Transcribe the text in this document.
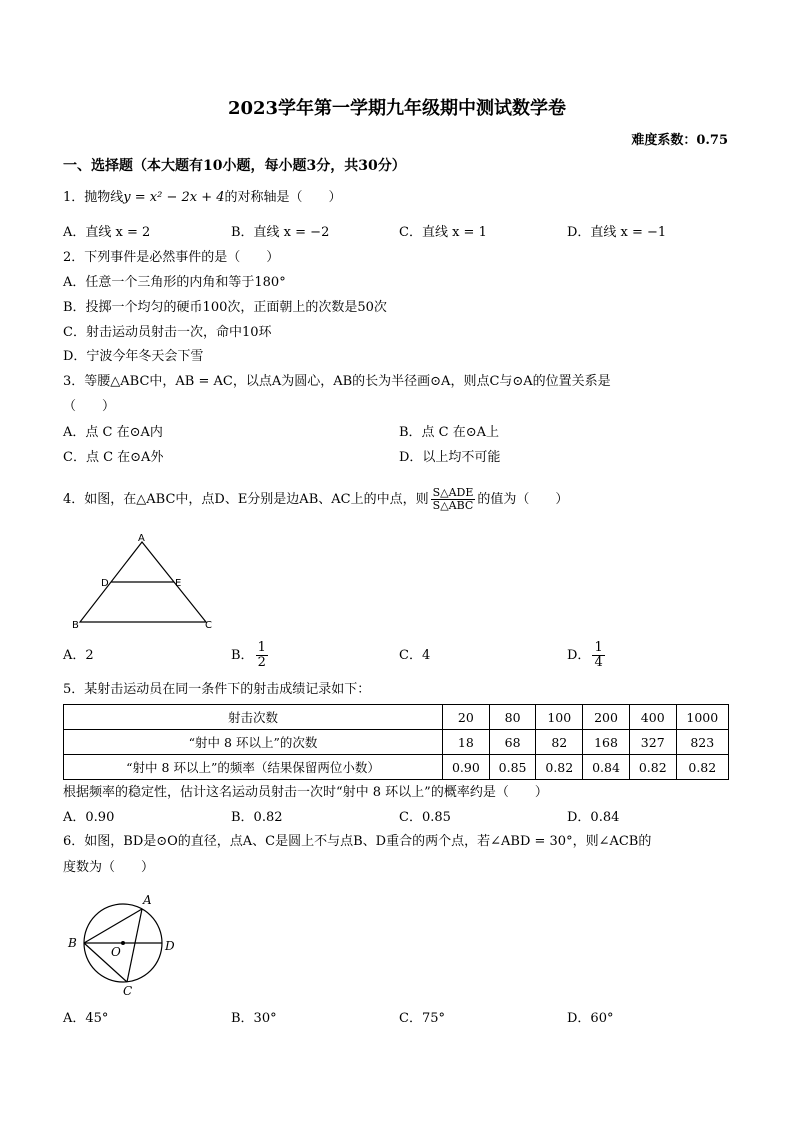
2023学年第一学期九年级期中测试数学卷
难度系数：0.75
一、选择题（本大题有10小题，每小题3分，共30分）
1．抛物线y = x² − 2x + 4的对称轴是（　　）
A．直线 x = 2	B．直线 x = −2	C．直线 x = 1	D．直线 x = −1
2．下列事件是必然事件的是（　　）
A．任意一个三角形的内角和等于180°
B．投掷一个均匀的硬币100次，正面朝上的次数是50次
C．射击运动员射击一次，命中10环
D．宁波今年冬天会下雪
3．等腰△ABC中，AB = AC，以点A为圆心，AB的长为半径画⊙A，则点C与⊙A的位置关系是
（　　）
A．点 C 在⊙A内	B．点 C 在⊙A上
C．点 C 在⊙A外	D．以上均不可能
4．如图，在△ABC中，点D、E分别是边AB、AC上的中点，则 $\frac{\text{S△ADE}}{\text{S△ABC}}$ 的值为（　　）
A
D	E
B	C
A．2	B． $\frac{1}{2}$	C．4	D． $\frac{1}{4}$
5．某射击运动员在同一条件下的射击成绩记录如下：
射击次数	20	80	100	200	400	1000
“射中 8 环以上”的次数	18	68	82	168	327	823
“射中 8 环以上”的频率（结果保留两位小数）	0.90	0.85	0.82	0.84	0.82	0.82
根据频率的稳定性，估计这名运动员射击一次时“射中 8 环以上”的概率约是（　　）
A．0.90	B．0.82	C．0.85	D．0.84
6．如图，BD是⊙O的直径，点A、C是圆上不与点B、D重合的两个点，若∠ABD = 30°，则∠ACB的
度数为（　　）
A
B	D
O
C
A．45°	B．30°	C．75°	D．60°
